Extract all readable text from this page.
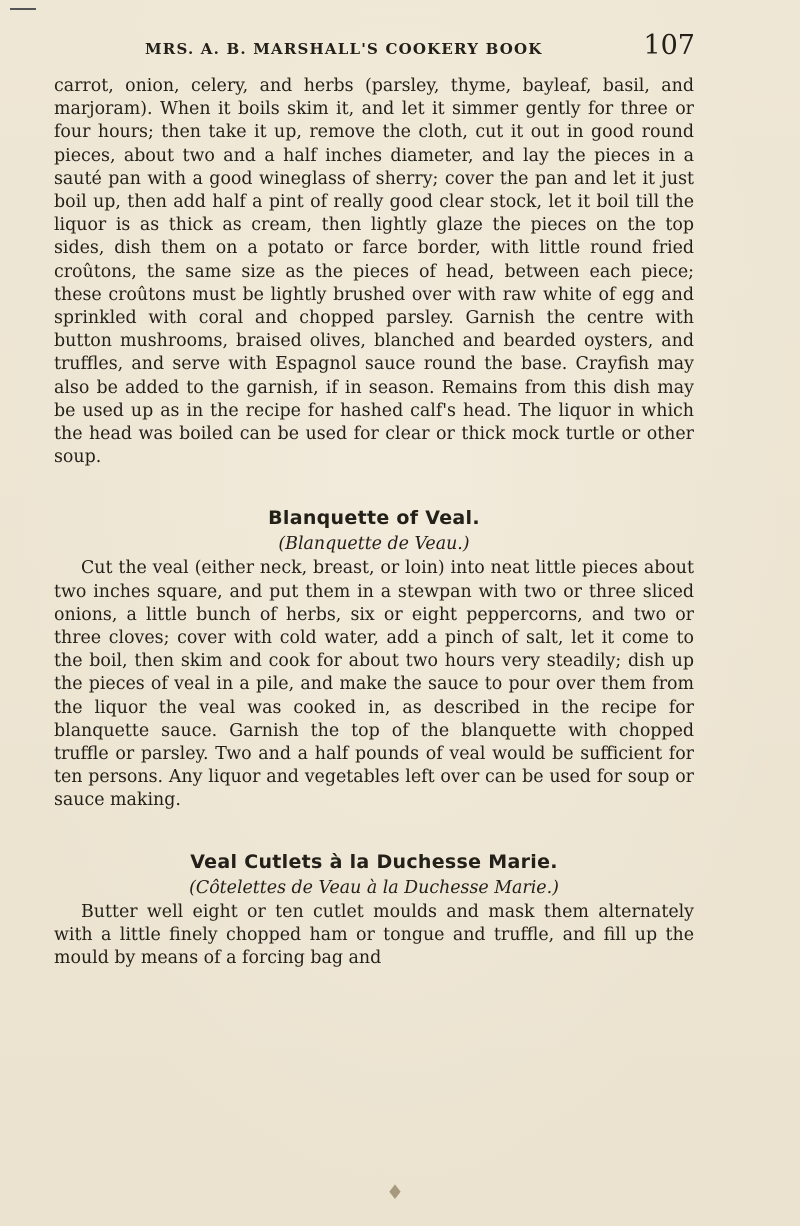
MRS. A. B. MARSHALL'S COOKERY BOOK	107

carrot, onion, celery, and herbs (parsley, thyme, bayleaf, basil, and marjoram). When it boils skim it, and let it simmer gently for three or four hours; then take it up, remove the cloth, cut it out in good round pieces, about two and a half inches diameter, and lay the pieces in a sauté pan with a good wineglass of sherry; cover the pan and let it just boil up, then add half a pint of really good clear stock, let it boil till the liquor is as thick as cream, then lightly glaze the pieces on the top sides, dish them on a potato or farce border, with little round fried croûtons, the same size as the pieces of head, between each piece; these croûtons must be lightly brushed over with raw white of egg and sprinkled with coral and chopped parsley. Garnish the centre with button mushrooms, braised olives, blanched and bearded oysters, and truffles, and serve with Espagnol sauce round the base. Crayfish may also be added to the garnish, if in season. Remains from this dish may be used up as in the recipe for hashed calf's head. The liquor in which the head was boiled can be used for clear or thick mock turtle or other soup.

Blanquette of Veal.

(Blanquette de Veau.)

Cut the veal (either neck, breast, or loin) into neat little pieces about two inches square, and put them in a stewpan with two or three sliced onions, a little bunch of herbs, six or eight peppercorns, and two or three cloves; cover with cold water, add a pinch of salt, let it come to the boil, then skim and cook for about two hours very steadily; dish up the pieces of veal in a pile, and make the sauce to pour over them from the liquor the veal was cooked in, as described in the recipe for blanquette sauce. Garnish the top of the blanquette with chopped truffle or parsley. Two and a half pounds of veal would be sufficient for ten persons. Any liquor and vegetables left over can be used for soup or sauce making.

Veal Cutlets à la Duchesse Marie.

(Côtelettes de Veau à la Duchesse Marie.)

Butter well eight or ten cutlet moulds and mask them alternately with a little finely chopped ham or tongue and truffle, and fill up the mould by means of a forcing bag and

♦
